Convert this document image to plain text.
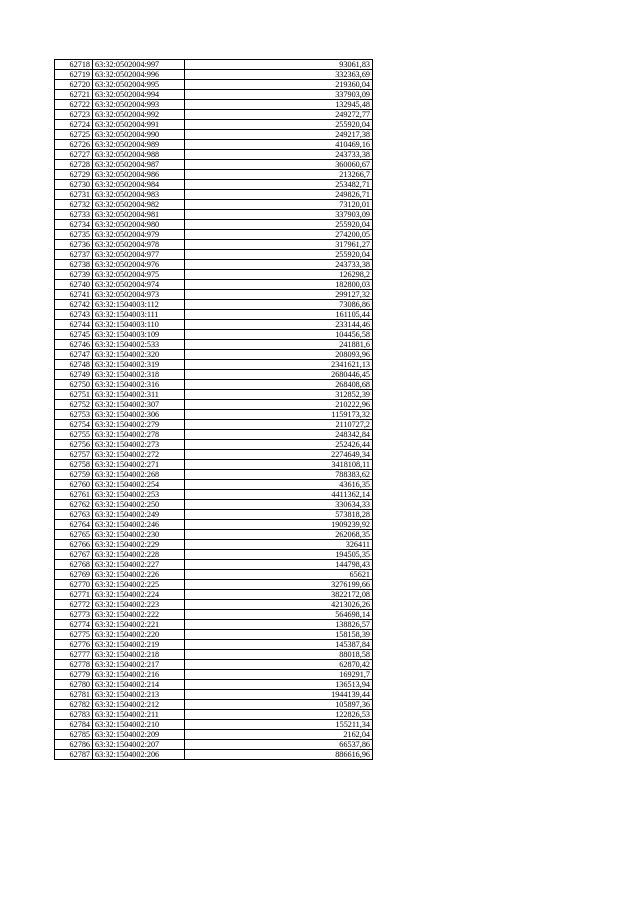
62718	63:32:0502004:997	93061,83
62719	63:32:0502004:996	332363,69
62720	63:32:0502004:995	219360,04
62721	63:32:0502004:994	337903,09
62722	63:32:0502004:993	132945,48
62723	63:32:0502004:992	249272,77
62724	63:32:0502004:991	255920,04
62725	63:32:0502004:990	249217,38
62726	63:32:0502004:989	410469,16
62727	63:32:0502004:988	243733,38
62728	63:32:0502004:987	360060,67
62729	63:32:0502004:986	213266,7
62730	63:32:0502004:984	253482,71
62731	63:32:0502004:983	249826,71
62732	63:32:0502004:982	73120,01
62733	63:32:0502004:981	337903,09
62734	63:32:0502004:980	255920,04
62735	63:32:0502004:979	274200,05
62736	63:32:0502004:978	317961,27
62737	63:32:0502004:977	255920,04
62738	63:32:0502004:976	243733,38
62739	63:32:0502004:975	126298,2
62740	63:32:0502004:974	182800,03
62741	63:32:0502004:973	299127,32
62742	63:32:1504003:112	73086,86
62743	63:32:1504003:111	161105,44
62744	63:32:1504003:110	233144,46
62745	63:32:1504003:109	104456,58
62746	63:32:1504002:533	241881,6
62747	63:32:1504002:320	208093,96
62748	63:32:1504002:319	2341621,13
62749	63:32:1504002:318	2680446,45
62750	63:32:1504002:316	268408,68
62751	63:32:1504002:311	312852,39
62752	63:32:1504002:307	210222,96
62753	63:32:1504002:306	1159173,32
62754	63:32:1504002:279	2110727,2
62755	63:32:1504002:278	248342,84
62756	63:32:1504002:273	252426,44
62757	63:32:1504002:272	2274649,34
62758	63:32:1504002:271	3418108,11
62759	63:32:1504002:268	788383,62
62760	63:32:1504002:254	43616,35
62761	63:32:1504002:253	4411362,14
62762	63:32:1504002:250	330634,33
62763	63:32:1504002:249	573818,28
62764	63:32:1504002:246	1909239,92
62765	63:32:1504002:230	262068,35
62766	63:32:1504002:229	326411
62767	63:32:1504002:228	194505,35
62768	63:32:1504002:227	144798,43
62769	63:32:1504002:226	65621
62770	63:32:1504002:225	3276199,66
62771	63:32:1504002:224	3822172,08
62772	63:32:1504002:223	4213026,26
62773	63:32:1504002:222	564698,14
62774	63:32:1504002:221	138826,57
62775	63:32:1504002:220	158158,39
62776	63:32:1504002:219	145387,84
62777	63:32:1504002:218	88018,58
62778	63:32:1504002:217	62870,42
62779	63:32:1504002:216	169291,7
62780	63:32:1504002:214	136513,94
62781	63:32:1504002:213	1944139,44
62782	63:32:1504002:212	105897,36
62783	63:32:1504002:211	122826,53
62784	63:32:1504002:210	155211,34
62785	63:32:1504002:209	2162,04
62786	63:32:1504002:207	66537,86
62787	63:32:1504002:206	886616,96
